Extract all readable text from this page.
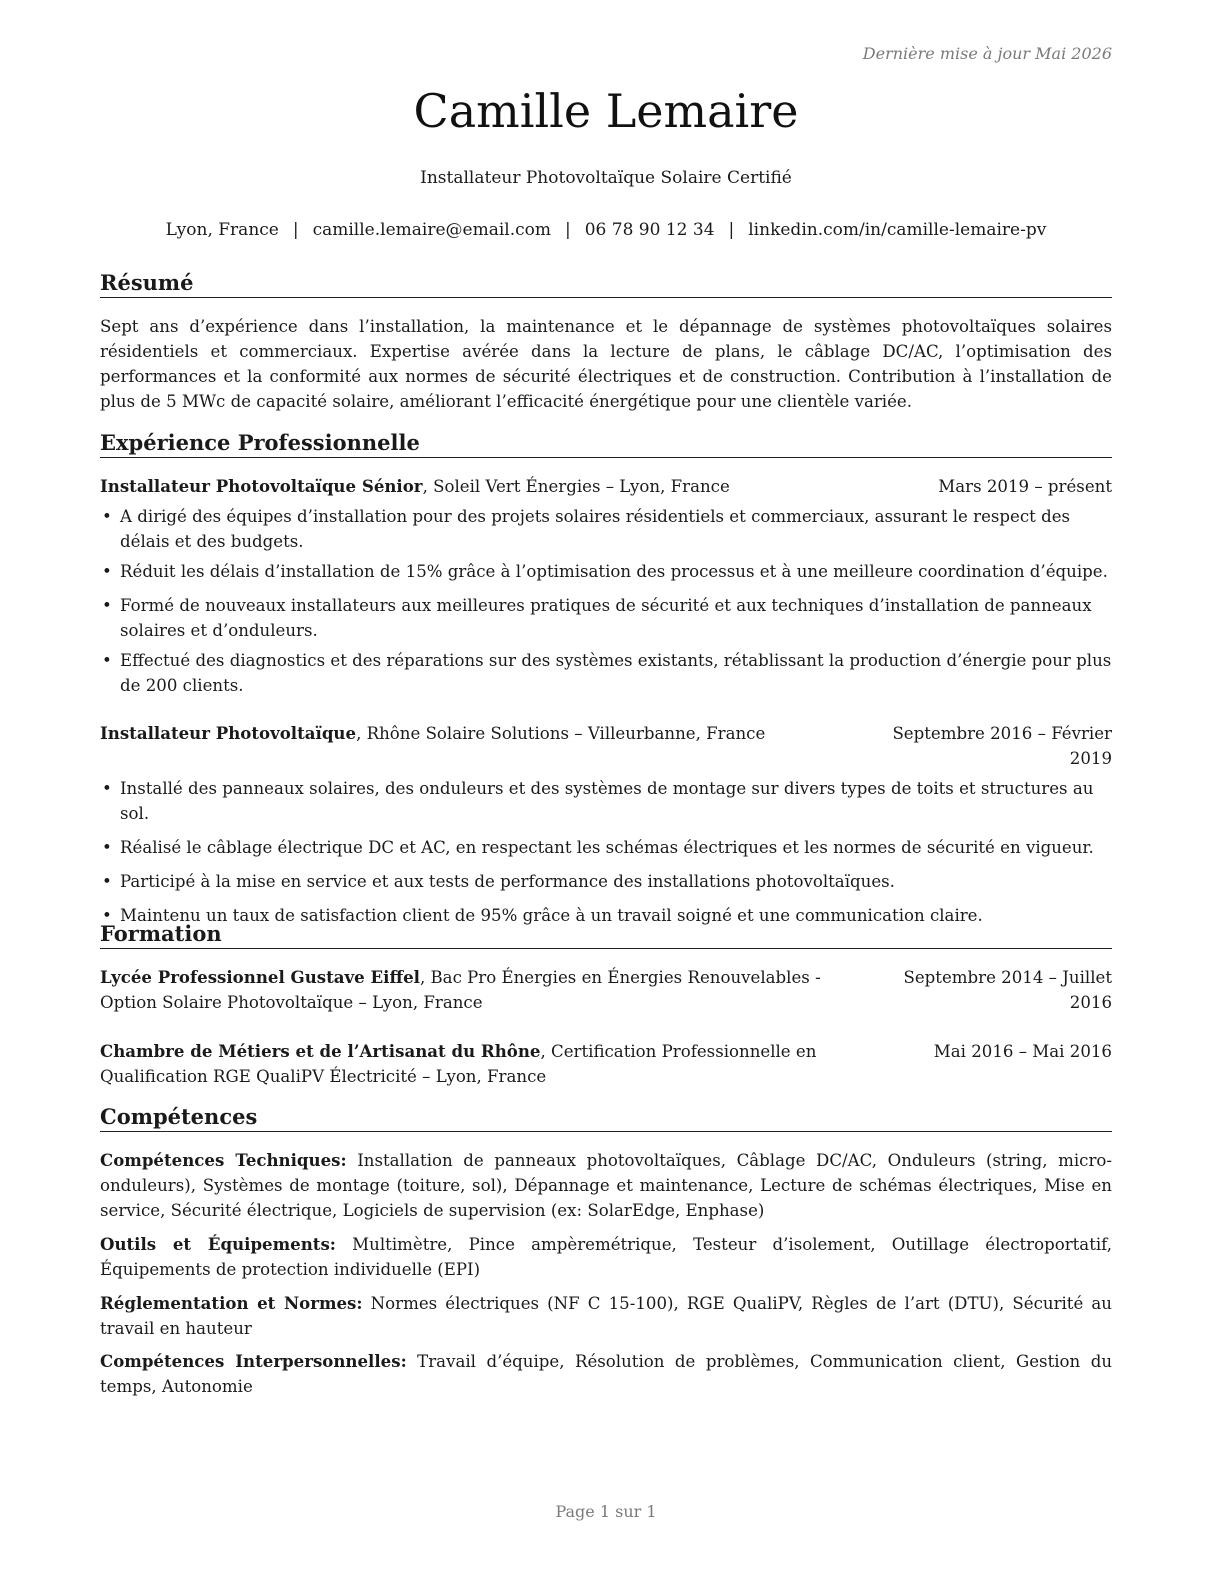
Dernière mise à jour Mai 2026
Camille Lemaire
Installateur Photovoltaïque Solaire Certifié
Lyon, France | camille.lemaire@email.com | 06 78 90 12 34 | linkedin.com/in/camille-lemaire-pv
Résumé
Sept ans d’expérience dans l’installation, la maintenance et le dépannage de systèmes photovoltaïques solaires résidentiels et commerciaux. Expertise avérée dans la lecture de plans, le câblage DC/AC, l’optimisation des performances et la conformité aux normes de sécurité électriques et de construction. Contribution à l’installation de plus de 5 MWc de capacité solaire, améliorant l’efficacité énergétique pour une clientèle variée.
Expérience Professionnelle
Installateur Photovoltaïque Sénior, Soleil Vert Énergies – Lyon, France	Mars 2019 – présent
• A dirigé des équipes d’installation pour des projets solaires résidentiels et commerciaux, assurant le respect des délais et des budgets.
• Réduit les délais d’installation de 15% grâce à l’optimisation des processus et à une meilleure coordination d’équipe.
• Formé de nouveaux installateurs aux meilleures pratiques de sécurité et aux techniques d’installation de panneaux solaires et d’onduleurs.
• Effectué des diagnostics et des réparations sur des systèmes existants, rétablissant la production d’énergie pour plus de 200 clients.
Installateur Photovoltaïque, Rhône Solaire Solutions – Villeurbanne, France	Septembre 2016 – Février 2019
• Installé des panneaux solaires, des onduleurs et des systèmes de montage sur divers types de toits et structures au sol.
• Réalisé le câblage électrique DC et AC, en respectant les schémas électriques et les normes de sécurité en vigueur.
• Participé à la mise en service et aux tests de performance des installations photovoltaïques.
• Maintenu un taux de satisfaction client de 95% grâce à un travail soigné et une communication claire.
Formation
Lycée Professionnel Gustave Eiffel, Bac Pro Énergies en Énergies Renouvelables - Option Solaire Photovoltaïque – Lyon, France
Septembre 2014 – Juillet 2016
Chambre de Métiers et de l’Artisanat du Rhône, Certification Professionnelle en Qualification RGE QualiPV Électricité – Lyon, France
Mai 2016 – Mai 2016
Compétences
Compétences Techniques: Installation de panneaux photovoltaïques, Câblage DC/AC, Onduleurs (string, micro-onduleurs), Systèmes de montage (toiture, sol), Dépannage et maintenance, Lecture de schémas électriques, Mise en service, Sécurité électrique, Logiciels de supervision (ex: SolarEdge, Enphase)
Outils et Équipements: Multimètre, Pince ampèremétrique, Testeur d’isolement, Outillage électroportatif, Équipements de protection individuelle (EPI)
Réglementation et Normes: Normes électriques (NF C 15-100), RGE QualiPV, Règles de l’art (DTU), Sécurité au travail en hauteur
Compétences Interpersonnelles: Travail d’équipe, Résolution de problèmes, Communication client, Gestion du temps, Autonomie
Page 1 sur 1
